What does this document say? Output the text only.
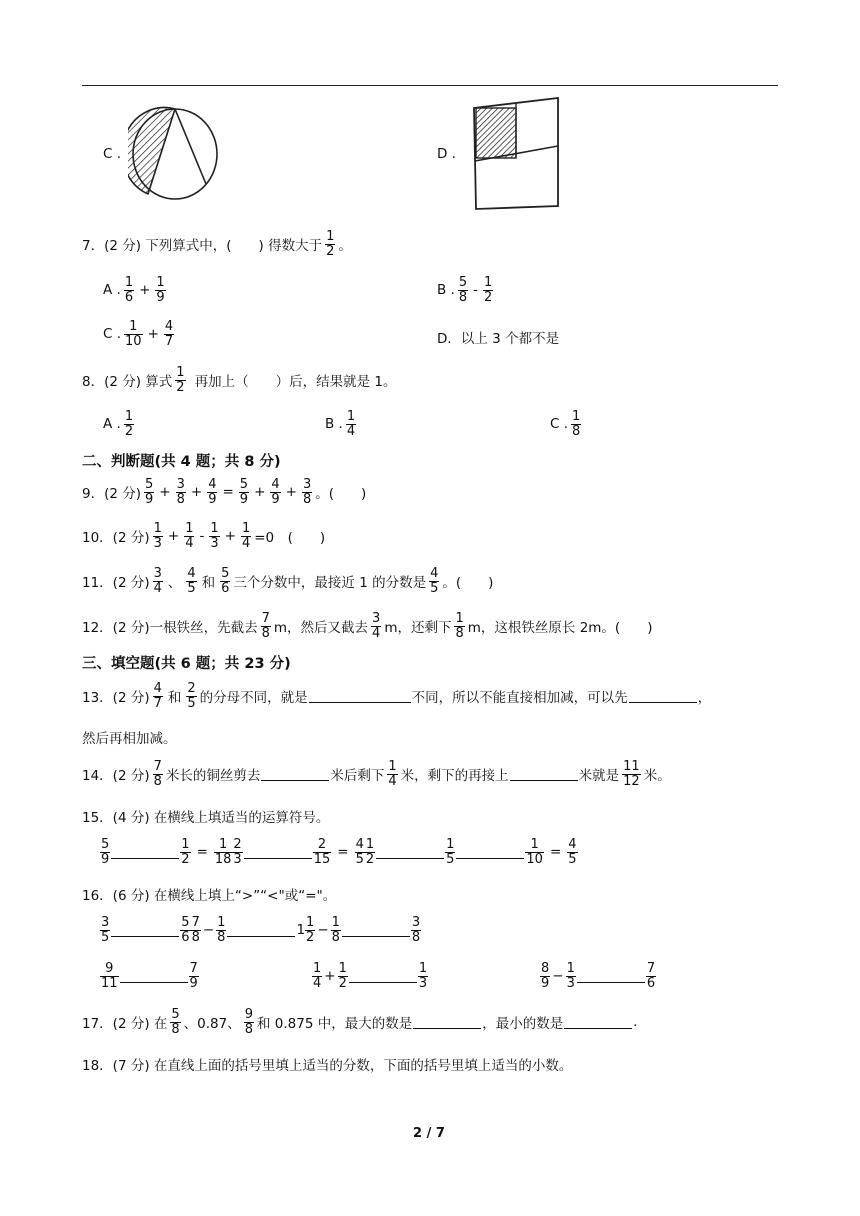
C .	D .
7．(2 分) 下列算式中，(　　) 得数大于 $\frac{1}{2}$ 。
A . $\frac{1}{6} + \frac{1}{9}$	B . $\frac{5}{8} - \frac{1}{2}$
C . $\frac{1}{10} + \frac{4}{7}$	D．以上 3 个都不是
8．(2 分) 算式 $\frac{1}{2}$ 再加上（　　）后，结果就是 1。
A . $\frac{1}{2}$	B . $\frac{1}{4}$	C . $\frac{1}{8}$
二、判断题(共 4 题；共 8 分)
9．(2 分) $\frac{5}{9} + \frac{3}{8} + \frac{4}{9} = \frac{5}{9} + \frac{4}{9} + \frac{3}{8}$ 。(　　)
10．(2 分) $\frac{1}{3} + \frac{1}{4} - \frac{1}{3} + \frac{1}{4} =0$　(　　)
11．(2 分) $\frac{3}{4}$ 、 $\frac{4}{5}$ 和 $\frac{5}{6}$ 三个分数中，最接近 1 的分数是 $\frac{4}{5}$ 。(　　)
12．(2 分) 一根铁丝，先截去 $\frac{7}{8}$ m，然后又截去 $\frac{3}{4}$ m，还剩下 $\frac{1}{8}$ m，这根铁丝原长 2m。(　　)
三、填空题(共 6 题；共 23 分)
13．(2 分) $\frac{4}{7}$ 和 $\frac{2}{5}$ 的分母不同，就是	不同，所以不能直接相加减，可以先	，
然后再相加减。
14．(2 分) $\frac{7}{8}$ 米长的铜丝剪去	米后剩下 $\frac{1}{4}$ 米，剩下的再接上	米就是 $\frac{11}{12}$ 米。
15．(4 分) 在横线上填适当的运算符号。
$\frac{5}{9}$	$\frac{1}{2} = \frac{1}{18} \frac{2}{3}$	$\frac{2}{15} = \frac{4}{5} \frac{1}{2}$	$\frac{1}{5}$	$\frac{1}{10} = \frac{4}{5}$
16．(6 分) 在横线上填上“>”“<"或“="。
$\frac{3}{5}$	$\frac{5}{6} \frac{7}{8} - \frac{1}{8}$	$1 \frac{1}{2} - \frac{1}{8}$	$\frac{3}{8}$
$\frac{9}{11}$	$\frac{7}{9}$	$\frac{1}{4} + \frac{1}{2}$	$\frac{1}{3}$	$\frac{8}{9} - \frac{1}{3}$	$\frac{7}{6}$
17．(2 分) 在 $\frac{5}{8}$ 、0.87、 $\frac{9}{8}$ 和 0.875 中，最大的数是	，最小的数是	.
18．(7 分) 在直线上面的括号里填上适当的分数，下面的括号里填上适当的小数。
2 / 7
